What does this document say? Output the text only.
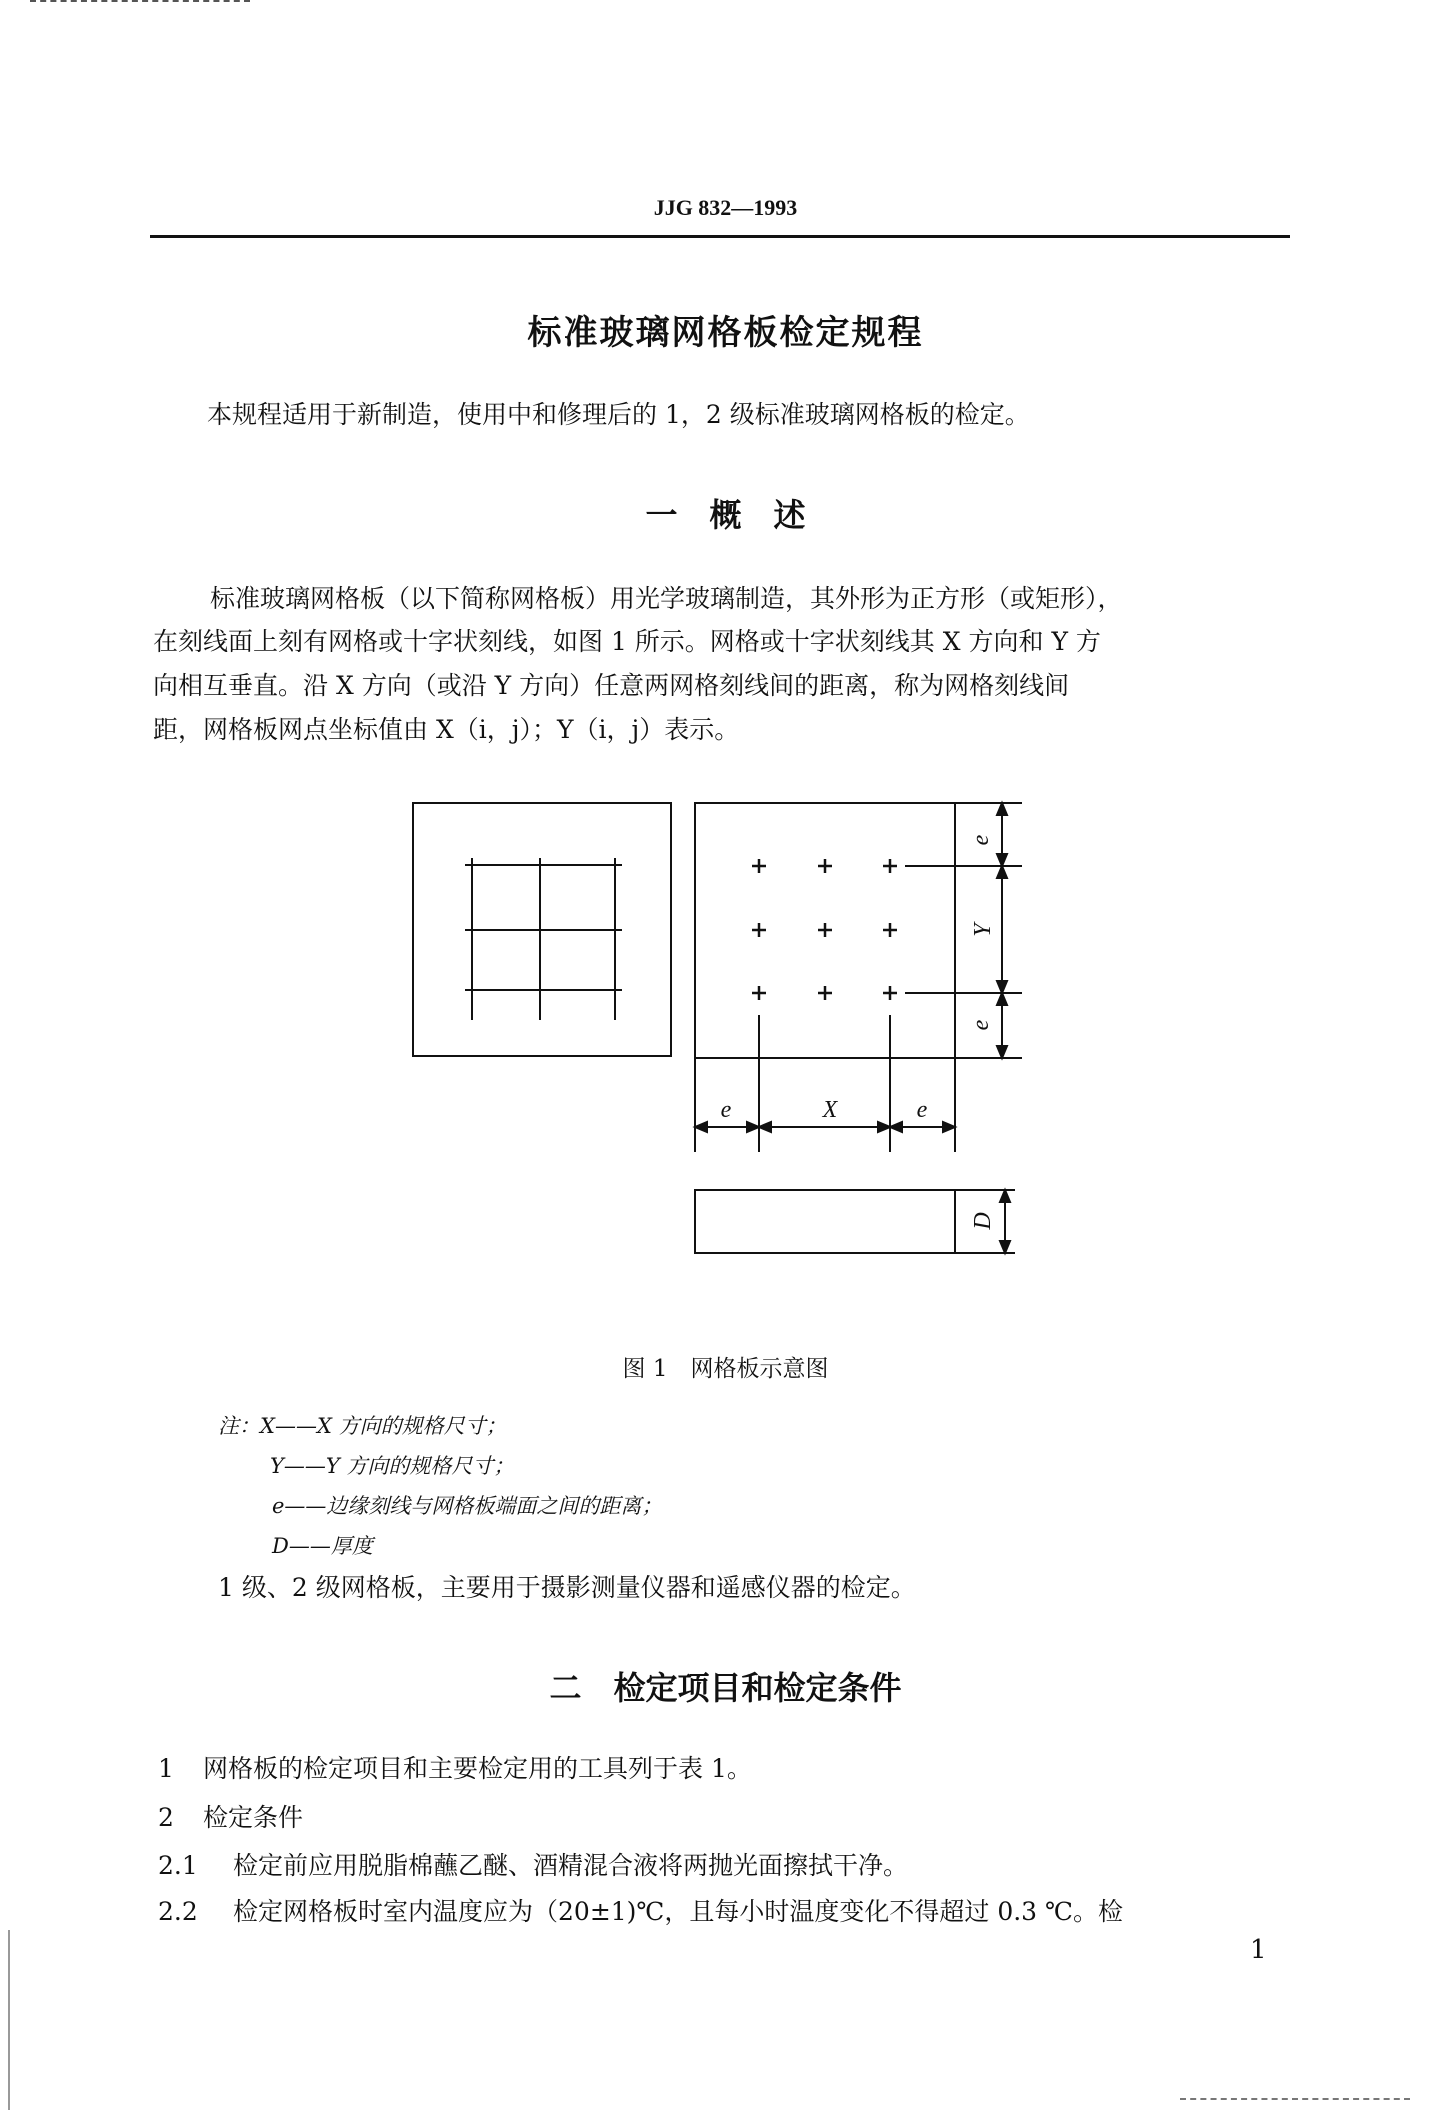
JJG 832—1993
标准玻璃网格板检定规程
本规程适用于新制造，使用中和修理后的 1，2 级标准玻璃网格板的检定。
一　概　述
标准玻璃网格板（以下简称网格板）用光学玻璃制造，其外形为正方形（或矩形），
在刻线面上刻有网格或十字状刻线，如图 1 所示。网格或十字状刻线其 X 方向和 Y 方
向相互垂直。沿 X 方向（或沿 Y 方向）任意两网格刻线间的距离，称为网格刻线间
距，网格板网点坐标值由 X（i，j）；Y（i，j）表示。
e
Y
e
e	X	e
D
图 1　网格板示意图
注：X——X 方向的规格尺寸；
Y——Y 方向的规格尺寸；
e——边缘刻线与网格板端面之间的距离；
D——厚度
1 级、2 级网格板，主要用于摄影测量仪器和遥感仪器的检定。
二　检定项目和检定条件
1 网格板的检定项目和主要检定用的工具列于表 1。
2 检定条件
2.1 检定前应用脱脂棉蘸乙醚、酒精混合液将两抛光面擦拭干净。
2.2 检定网格板时室内温度应为（20±1)℃，且每小时温度变化不得超过 0.3 ℃。检
1
